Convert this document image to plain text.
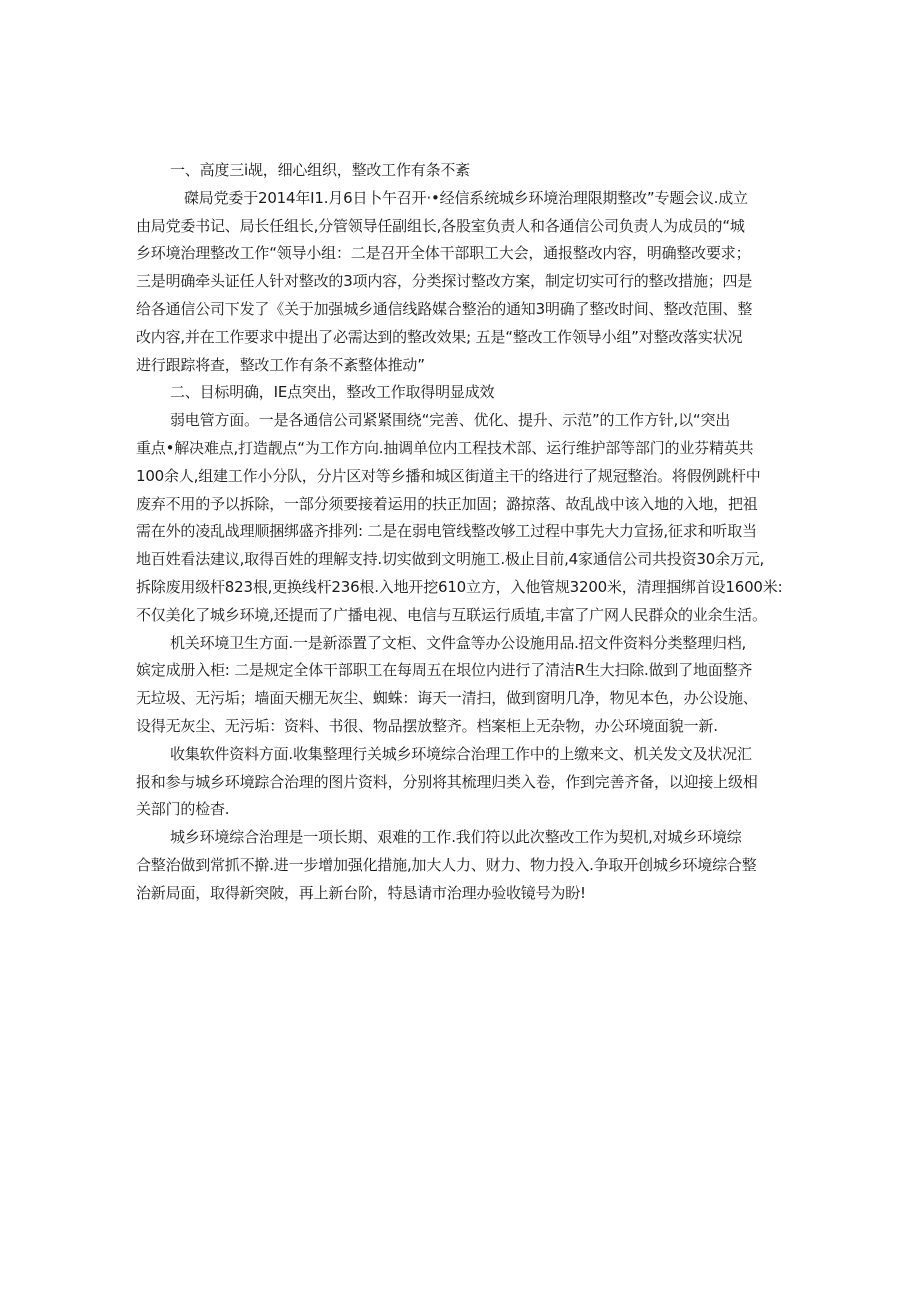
一、高度三i觇，细心组织，整改工作有条不紊
磔局党委于2014年I1.月6日卜午召开·•经信系统城乡环境治理限期整改”专题会议.成立
由局党委书记、局长任组长,分管领导任副组长,各股室负责人和各通信公司负责人为成员的“城
乡环境治理整改工作“领导小组：二是召开全体干部职工大会，通报整改内容，明确整改要求；
三是明确牵头证任人针对整改的3项内容，分类探讨整改方案，制定切实可行的整改措施；四是
给各通信公司下发了《关于加强城乡通信线路媒合整治的通知3明确了整改时间、整改范围、整
改内容,并在工作要求中提出了必需达到的整改效果; 五是“整改工作领导小组”对整改落实状况
进行跟踪将查，整改工作有条不紊整体推动”
二、目标明确，IE点突出，整改工作取得明显成效
弱电管方面。一是各通信公司紧紧围绕“完善、优化、提升、示范”的工作方针,以“突出
重点•解决难点,打造靓点“为工作方向.抽调单位内工程技术部、运行维护部等部门的业芬精英共
100余人,组建工作小分队，分片区对等乡播和城区街道主干的络进行了规冠整治。将假例跳杆中
废弃不用的予以拆除，一部分须要接着运用的扶正加固；潞掠落、故乱战中该入地的入地，把祖
需在外的凌乱战理顺捆绑盛齐排列: 二是在弱电管线整改够工过程中事先大力宣扬,征求和听取当
地百姓看法建议,取得百姓的理解支持.切实做到文明施工.极止目前,4家通信公司共投资30余万元,
拆除废用级杆823根,更换线杆236根.入地开挖610立方，入他管规3200米，清理掴绑首设1600米:
不仅美化了城乡环境,还提而了广播电视、电信与互联运行质埴,丰富了广网人民群众的业余生活。
机关环境卫生方面.一是新添置了文柜、文件盒等办公设施用品.招文件资料分类整理归档,
嫔定成册入柜: 二是规定全体干部职工在每周五在垠位内进行了清洁R生大扫除.做到了地面整齐
无垃圾、无污垢；墙面天棚无灰尘、蜘蛛：诲天一清扫，做到窗明几净，物见本色，办公设施、
设得无灰尘、无污垢：资料、书很、物品摆放整齐。档案柜上无杂物，办公环境面貌一新.
收集软件资料方面.收集整理行关城乡环境综合治理工作中的上缴来文、机关发文及状况汇
报和参与城乡环境踪合治理的图片资料，分别将其梳理归类入卷，作到完善齐备，以迎接上级相
关部门的检杳.
城乡环境综合治理是一项长期、艰难的工作.我们符以此次整改工作为契机,对城乡环境综
合整治做到常抓不擀.进一步增加强化措施,加大人力、财力、物力投入.争取开创城乡环境综合整
治新局面，取得新突陂，再上新台阶，特恳请市治理办验收镜号为盼!
